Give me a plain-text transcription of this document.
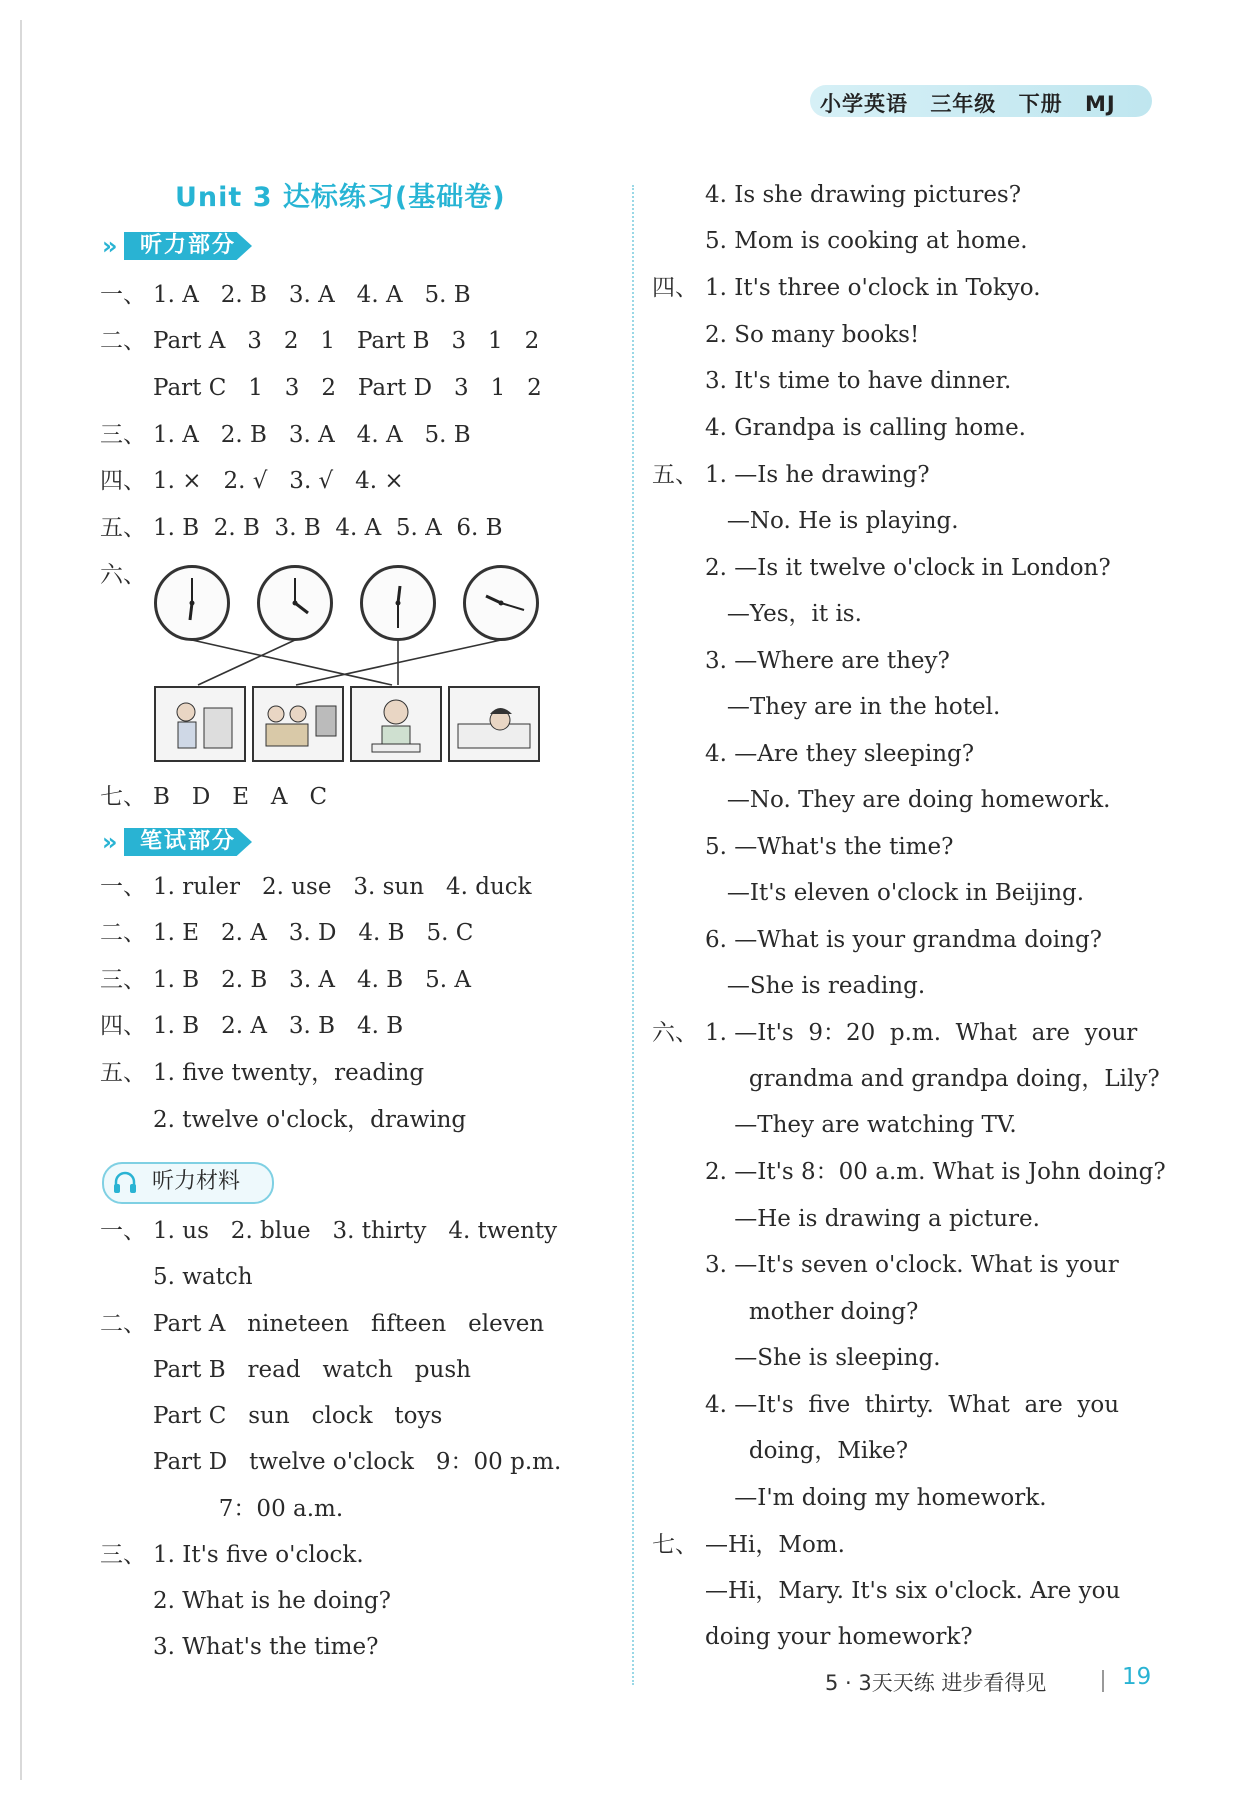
小学英语 三年级 下册 MJ
Unit 3 达标练习(基础卷)
» 听力部分
» 笔试部分
听力材料
一、 1. A   2. B   3. A   4. A   5. B
二、 Part A   3   2   1   Part B   3   1   2
Part C   1   3   2   Part D   3   1   2
三、 1. A   2. B   3. A   4. A   5. B
四、 1. ×   2. √   3. √   4. ×
五、 1. B  2. B  3. B  4. A  5. A  6. B
六、
七、 B   D   E   A   C
一、 1. ruler   2. use   3. sun   4. duck
二、 1. E   2. A   3. D   4. B   5. C
三、 1. B   2. B   3. A   4. B   5. A
四、 1. B   2. A   3. B   4. B
五、 1. five twenty，reading
2. twelve o'clock，drawing
一、 1. us   2. blue   3. thirty   4. twenty
5. watch
二、 Part A   nineteen   fifteen   eleven
Part B   read   watch   push
Part C   sun   clock   toys
Part D   twelve o'clock   9：00 p.m.
7：00 a.m.
三、 1. It's five o'clock.
2. What is he doing?
3. What's the time?
4. Is she drawing pictures?
5. Mom is cooking at home.
四、 1. It's three o'clock in Tokyo.
2. So many books!
3. It's time to have dinner.
4. Grandpa is calling home.
五、 1. —Is he drawing?
—No. He is playing.
2. —Is it twelve o'clock in London?
—Yes，it is.
3. —Where are they?
—They are in the hotel.
4. —Are they sleeping?
—No. They are doing homework.
5. —What's the time?
—It's eleven o'clock in Beijing.
6. —What is your grandma doing?
—She is reading.
六、 1. —It's  9：20  p.m.  What  are  your
grandma and grandpa doing，Lily?
—They are watching TV.
2. —It's 8：00 a.m. What is John doing?
—He is drawing a picture.
3. —It's seven o'clock. What is your
mother doing?
—She is sleeping.
4. —It's  five  thirty.  What  are  you
doing，Mike?
—I'm doing my homework.
七、 —Hi，Mom.
—Hi，Mary. It's six o'clock. Are you
doing your homework?
5 · 3天天练 进步看得见	19
